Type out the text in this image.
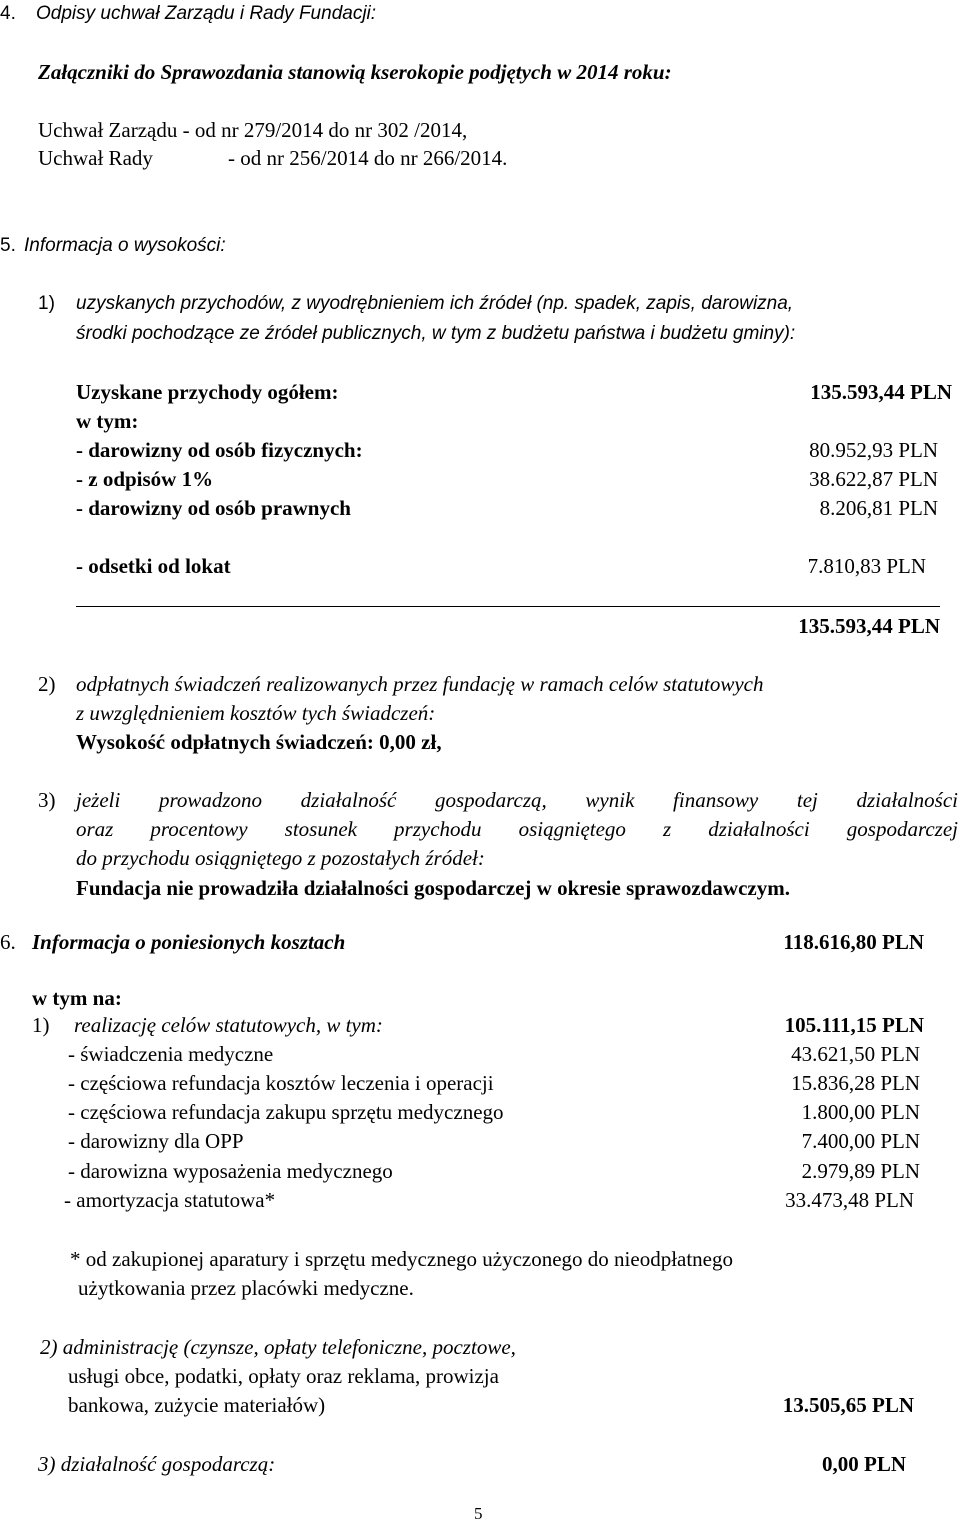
4. Odpisy uchwał Zarządu i Rady Fundacji:
Załączniki do Sprawozdania stanowią kserokopie podjętych w 2014 roku:
Uchwał Zarządu - od nr 279/2014 do nr 302 /2014,
Uchwał Rady	- od nr 256/2014 do nr 266/2014.
5. Informacja o wysokości:
1) uzyskanych przychodów, z wyodrębnieniem ich źródeł (np. spadek, zapis, darowizna,
środki pochodzące ze źródeł publicznych, w tym z budżetu państwa i budżetu gminy):
Uzyskane przychody ogółem:	135.593,44 PLN
w tym:
- darowizny od osób fizycznych:	80.952,93 PLN
- z odpisów 1%	38.622,87 PLN
- darowizny od osób prawnych	8.206,81 PLN
- odsetki od lokat	7.810,83 PLN
135.593,44 PLN
2) odpłatnych świadczeń realizowanych przez fundację w ramach celów statutowych
z uwzględnieniem kosztów tych świadczeń:
Wysokość odpłatnych świadczeń: 0,00 zł,
3) jeżeli prowadzono działalność gospodarczą, wynik finansowy tej działalności
oraz procentowy stosunek przychodu osiągniętego z działalności gospodarczej
do przychodu osiągniętego z pozostałych źródeł:
Fundacja nie prowadziła działalności gospodarczej w okresie sprawozdawczym.
6. Informacja o poniesionych kosztach	118.616,80 PLN
w tym na:
1) realizację celów statutowych, w tym:	105.111,15 PLN
- świadczenia medyczne	43.621,50 PLN
- częściowa refundacja kosztów leczenia i operacji	15.836,28 PLN
- częściowa refundacja zakupu sprzętu medycznego	1.800,00 PLN
- darowizny dla OPP	7.400,00 PLN
- darowizna wyposażenia medycznego	2.979,89 PLN
- amortyzacja statutowa*	33.473,48 PLN
* od zakupionej aparatury i sprzętu medycznego użyczonego do nieodpłatnego
użytkowania przez placówki medyczne.
2) administrację (czynsze, opłaty telefoniczne, pocztowe,
usługi obce, podatki, opłaty oraz reklama, prowizja
bankowa, zużycie materiałów)	13.505,65 PLN
3) działalność gospodarczą:	0,00 PLN
5
